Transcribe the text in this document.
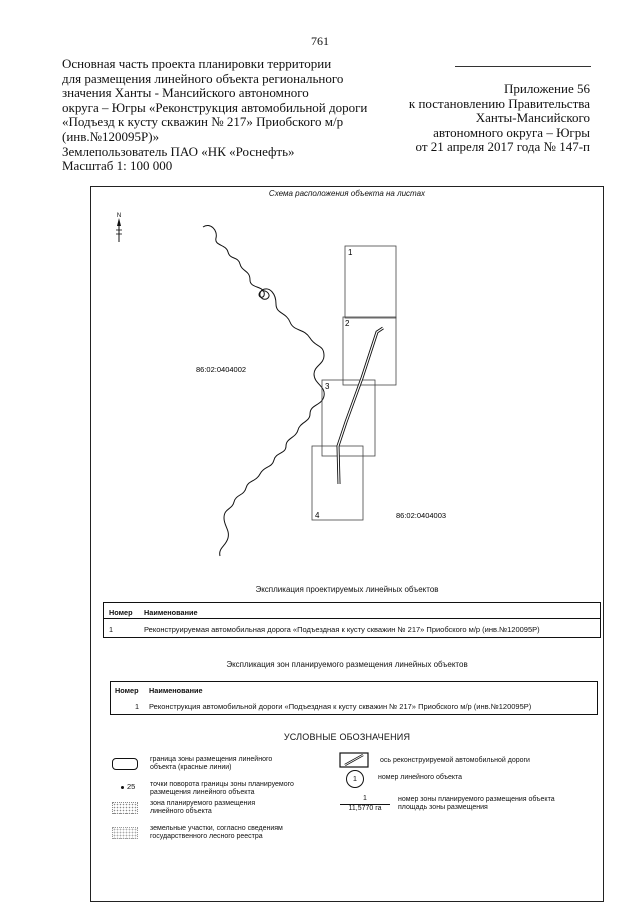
761
Основная часть проекта планировки территории
для размещения линейного объекта регионального
значения Ханты - Мансийского автономного
округа – Югры «Реконструкция автомобильной дороги
«Подъезд к кусту скважин № 217» Приобского м/р
(инв.№120095Р)»
Землепользователь ПАО «НК «Роснефть»
Масштаб 1: 100 000
Приложение 56
к постановлению Правительства
Ханты-Мансийского
автономного округа – Югры
от 21 апреля 2017 года № 147-п
Схема расположения объекта на листах
N
1
2
3
4
86:02:0404002
86:02:0404003
Экспликация проектируемых линейных объектов
Номер Наименование
1	Реконструируемая автомобильная дорога «Подъездная к кусту скважин № 217» Приобского м/р (инв.№120095Р)
Экспликация зон планируемого размещения линейных объектов
Номер Наименование
1 Реконструкция автомобильной дороги «Подъездная к кусту скважин № 217» Приобского м/р (инв.№120095Р)
УСЛОВНЫЕ ОБОЗНАЧЕНИЯ
граница зоны размещения линейного
объекта (красные линии)
25 точки поворота границы зоны планируемого
размещения линейного объекта
зона планируемого размещения
линейного объекта
земельные участки, согласно сведениям
государственного лесного реестра
ось реконструируемой автомобильной дороги
1	номер линейного объекта
1
11,5770 га
номер зоны планируемого размещения объекта
площадь зоны размещения
